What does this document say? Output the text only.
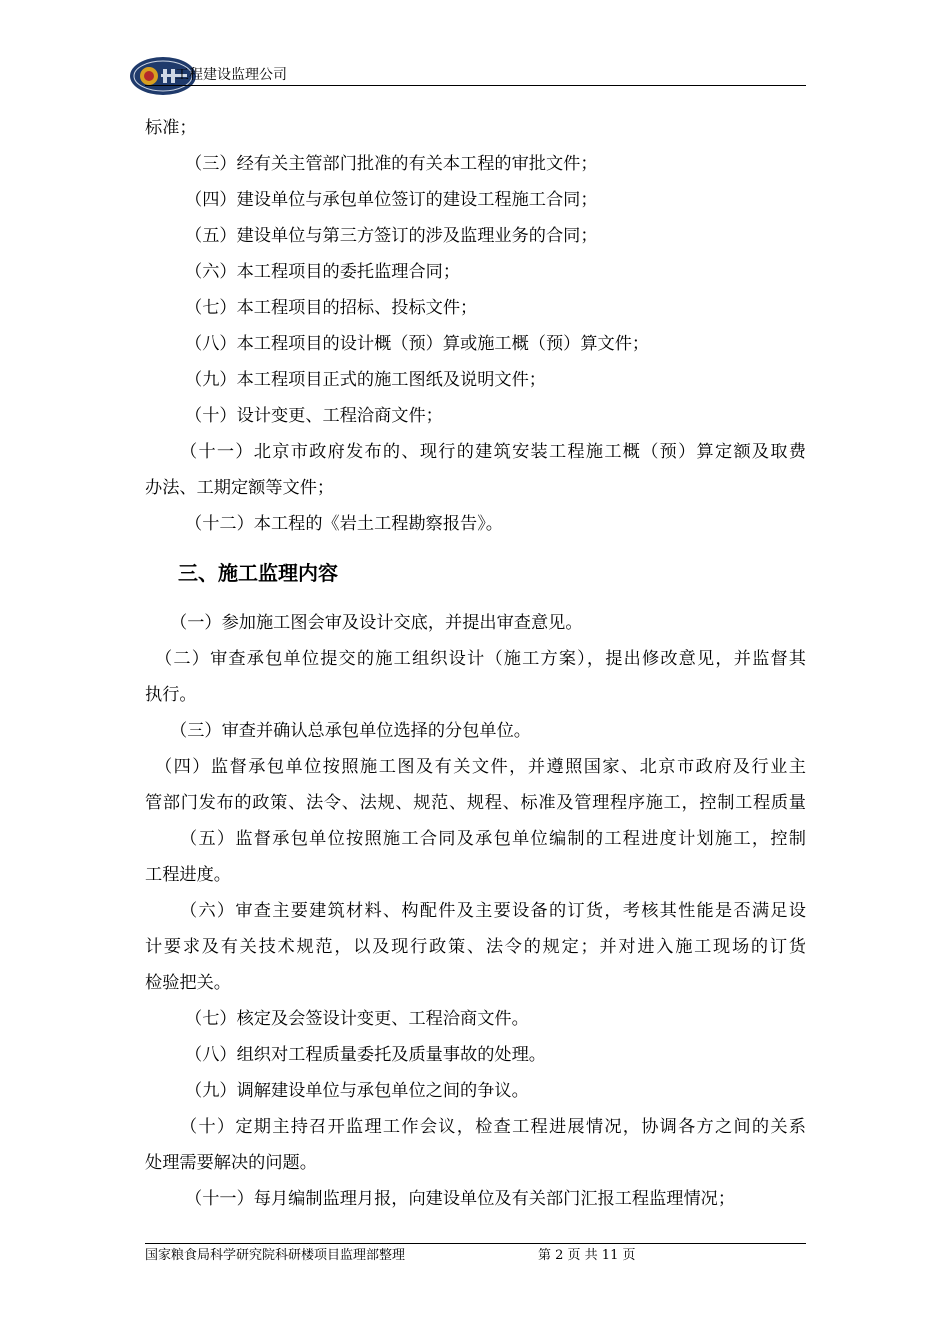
工程建设监理公司
标准；
（三）经有关主管部门批准的有关本工程的审批文件；
（四）建设单位与承包单位签订的建设工程施工合同；
（五）建设单位与第三方签订的涉及监理业务的合同；
（六）本工程项目的委托监理合同；
（七）本工程项目的招标、投标文件；
（八）本工程项目的设计概（预）算或施工概（预）算文件；
（九）本工程项目正式的施工图纸及说明文件；
（十）设计变更、工程洽商文件；
（十一）北京市政府发布的、现行的建筑安装工程施工概（预）算定额及取费
办法、工期定额等文件；
（十二）本工程的《岩土工程勘察报告》。
三、施工监理内容
（一）参加施工图会审及设计交底，并提出审查意见。
（二）审查承包单位提交的施工组织设计（施工方案），提出修改意见，并监督其
执行。
（三）审查并确认总承包单位选择的分包单位。
（四）监督承包单位按照施工图及有关文件，并遵照国家、北京市政府及行业主
管部门发布的政策、法令、法规、规范、规程、标准及管理程序施工，控制工程质量
（五）监督承包单位按照施工合同及承包单位编制的工程进度计划施工，控制
工程进度。
（六）审查主要建筑材料、构配件及主要设备的订货，考核其性能是否满足设
计要求及有关技术规范，以及现行政策、法令的规定；并对进入施工现场的订货
检验把关。
（七）核定及会签设计变更、工程洽商文件。
（八）组织对工程质量委托及质量事故的处理。
（九）调解建设单位与承包单位之间的争议。
（十）定期主持召开监理工作会议，检查工程进展情况，协调各方之间的关系
处理需要解决的问题。
（十一）每月编制监理月报，向建设单位及有关部门汇报工程监理情况；
国家粮食局科学研究院科研楼项目监理部整理	第 2 页 共 11 页
